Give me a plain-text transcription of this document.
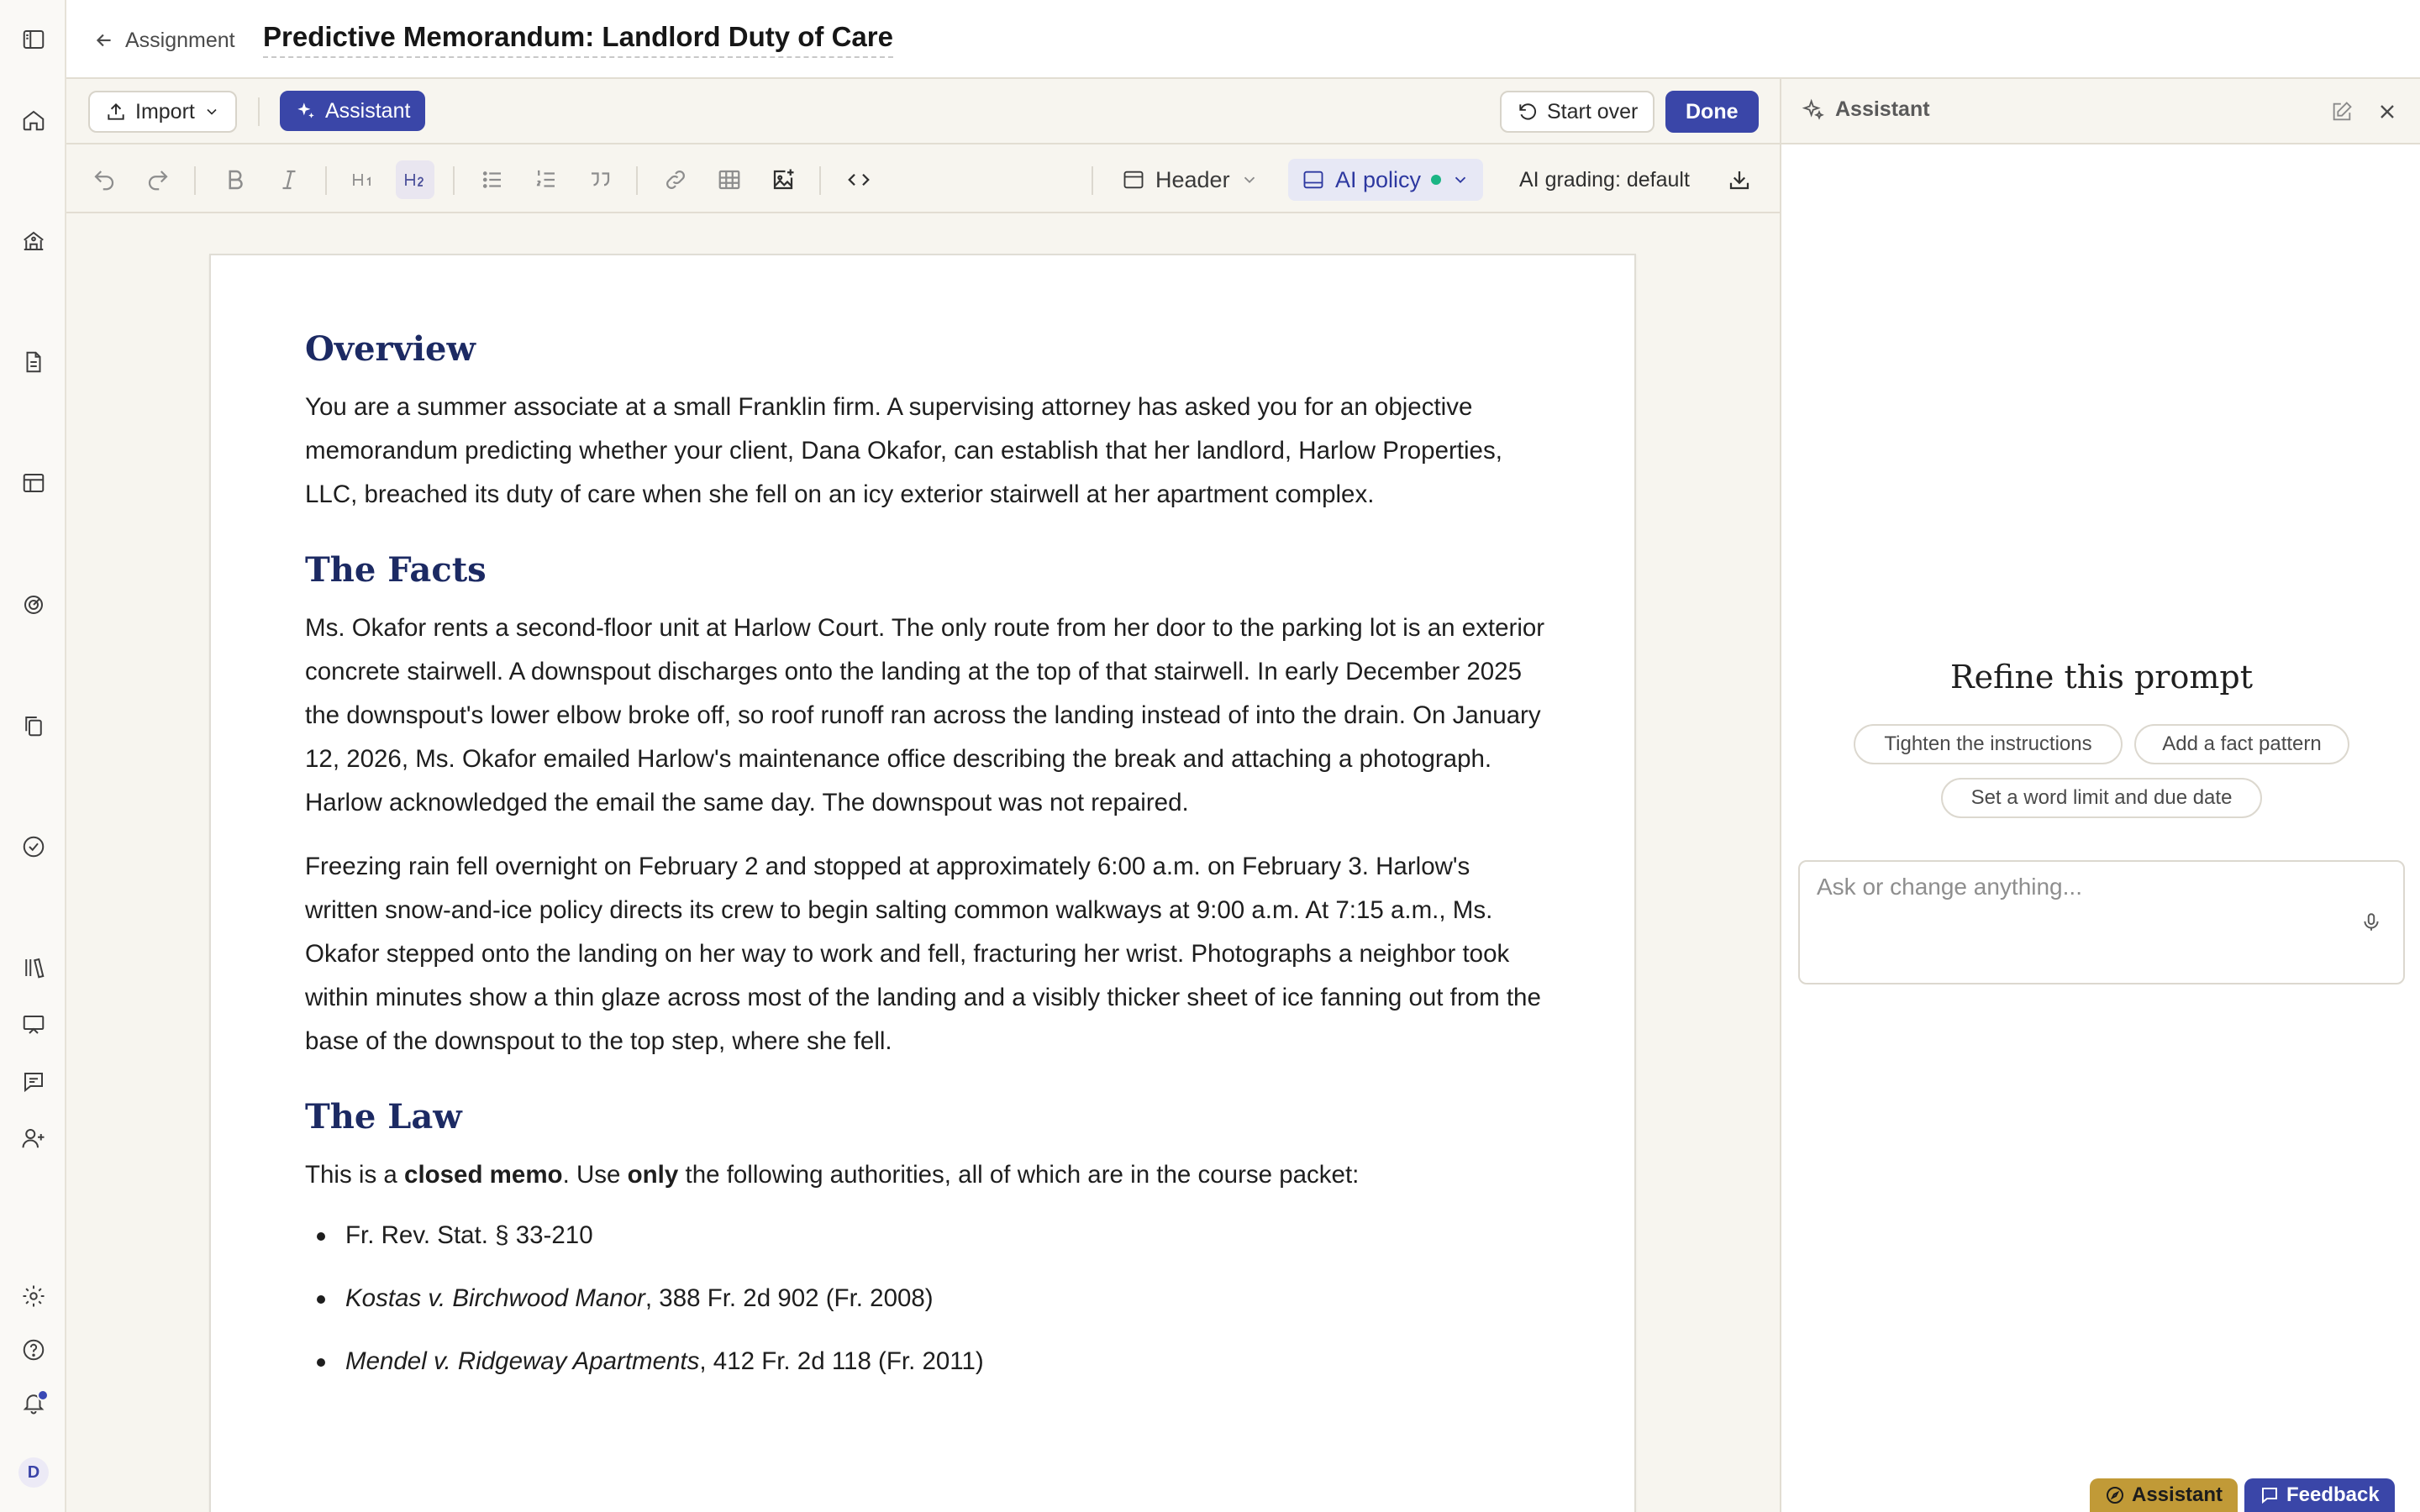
D
Assignment Predictive Memorandum: Landlord Duty of Care
Import	Assistant	Start over	Done
Header	AI policy	AI grading: default
Overview

You are a summer associate at a small Franklin firm. A supervising attorney has asked you for an objective memorandum predicting whether your client, Dana Okafor, can establish that her landlord, Harlow Properties, LLC, breached its duty of care when she fell on an icy exterior stairwell at her apartment complex.

The Facts

Ms. Okafor rents a second-floor unit at Harlow Court. The only route from her door to the parking lot is an exterior concrete stairwell. A downspout discharges onto the landing at the top of that stairwell. In early December 2025 the downspout's lower elbow broke off, so roof runoff ran across the landing instead of into the drain. On January 12, 2026, Ms. Okafor emailed Harlow's maintenance office describing the break and attaching a photograph. Harlow acknowledged the email the same day. The downspout was not repaired.

Freezing rain fell overnight on February 2 and stopped at approximately 6:00 a.m. on February 3. Harlow's written snow-and-ice policy directs its crew to begin salting common walkways at 9:00 a.m. At 7:15 a.m., Ms. Okafor stepped onto the landing on her way to work and fell, fracturing her wrist. Photographs a neighbor took within minutes show a thin glaze across most of the landing and a visibly thicker sheet of ice fanning out from the base of the downspout to the top step, where she fell.

The Law

This is a closed memo. Use only the following authorities, all of which are in the course packet:

Fr. Rev. Stat. § 33-210
Kostas v. Birchwood Manor, 388 Fr. 2d 902 (Fr. 2008)
Mendel v. Ridgeway Apartments, 412 Fr. 2d 118 (Fr. 2011)
Assistant
Refine this prompt
Tighten the instructions	Add a fact pattern
Set a word limit and due date
Ask or change anything...
Assistant	Feedback
